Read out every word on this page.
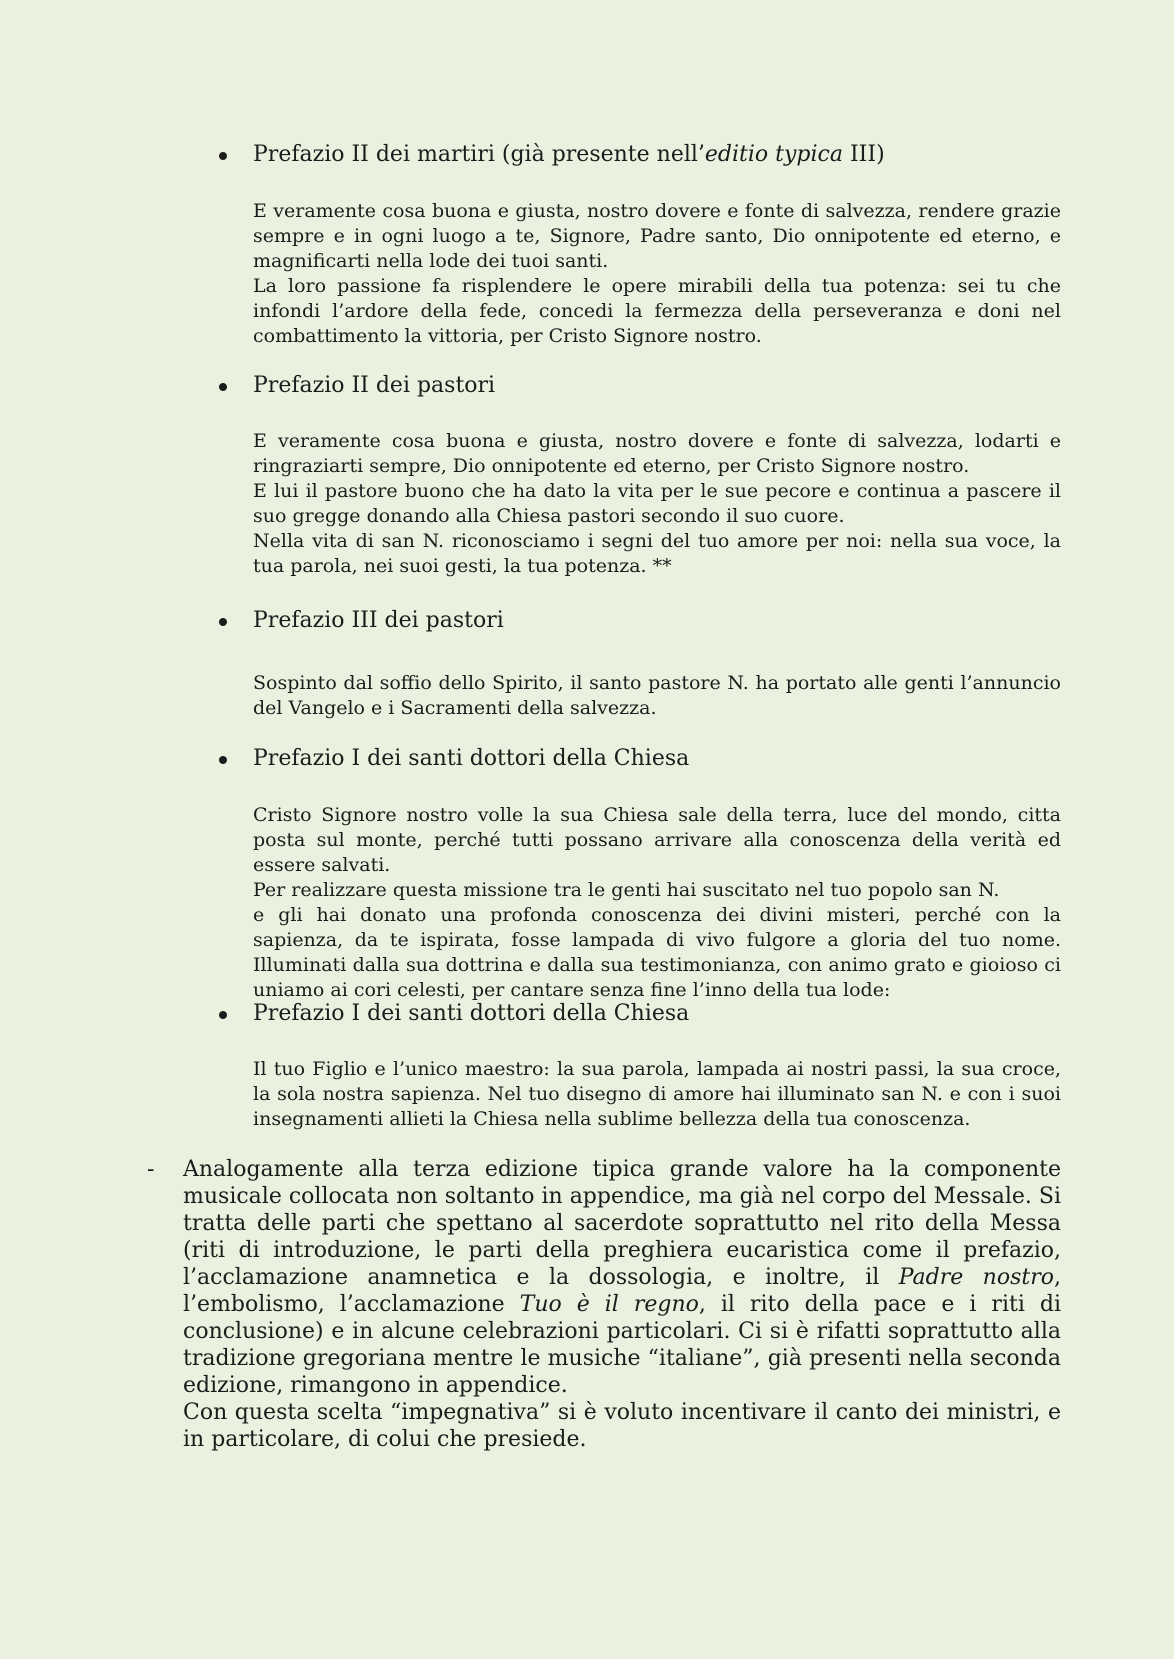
Prefazio II dei martiri (già presente nell’editio typica III)

E veramente cosa buona e giusta, nostro dovere e fonte di salvezza, rendere grazie sempre e in ogni luogo a te, Signore, Padre santo, Dio onnipotente ed eterno, e magnificarti nella lode dei tuoi santi.

La loro passione fa risplendere le opere mirabili della tua potenza: sei tu che infondi l’ardore della fede, concedi la fermezza della perseveranza e doni nel combattimento la vittoria, per Cristo Signore nostro.

Prefazio II dei pastori

E veramente cosa buona e giusta, nostro dovere e fonte di salvezza, lodarti e ringraziarti sempre, Dio onnipotente ed eterno, per Cristo Signore nostro.

E lui il pastore buono che ha dato la vita per le sue pecore e continua a pascere il suo gregge donando alla Chiesa pastori secondo il suo cuore.

Nella vita di san N. riconosciamo i segni del tuo amore per noi: nella sua voce, la tua parola, nei suoi gesti, la tua potenza. **

Prefazio III dei pastori

Sospinto dal soffio dello Spirito, il santo pastore N. ha portato alle genti l’annuncio del Vangelo e i Sacramenti della salvezza.

Prefazio I dei santi dottori della Chiesa

Cristo Signore nostro volle la sua Chiesa sale della terra, luce del mondo, citta posta sul monte, perché tutti possano arrivare alla conoscenza della verità ed essere salvati.

Per realizzare questa missione tra le genti hai suscitato nel tuo popolo san N.

e gli hai donato una profonda conoscenza dei divini misteri, perché con la sapienza, da te ispirata, fosse lampada di vivo fulgore a gloria del tuo nome. Illuminati dalla sua dottrina e dalla sua testimonianza, con animo grato e gioioso ci uniamo ai cori celesti, per cantare senza fine l’inno della tua lode:

Prefazio I dei santi dottori della Chiesa

Il tuo Figlio e l’unico maestro: la sua parola, lampada ai nostri passi, la sua croce, la sola nostra sapienza. Nel tuo disegno di amore hai illuminato san N. e con i suoi insegnamenti allieti la Chiesa nella sublime bellezza della tua conoscenza.

- Analogamente alla terza edizione tipica grande valore ha la componente musicale collocata non soltanto in appendice, ma già nel corpo del Messale. Si tratta delle parti che spettano al sacerdote soprattutto nel rito della Messa (riti di introduzione, le parti della preghiera eucaristica come il prefazio, l’acclamazione anamnetica e la dossologia, e inoltre, il Padre nostro, l’embolismo, l’acclamazione Tuo è il regno, il rito della pace e i riti di conclusione) e in alcune celebrazioni particolari. Ci si è rifatti soprattutto alla tradizione gregoriana mentre le musiche “italiane”, già presenti nella seconda edizione, rimangono in appendice.

Con questa scelta “impegnativa” si è voluto incentivare il canto dei ministri, e in particolare, di colui che presiede.
